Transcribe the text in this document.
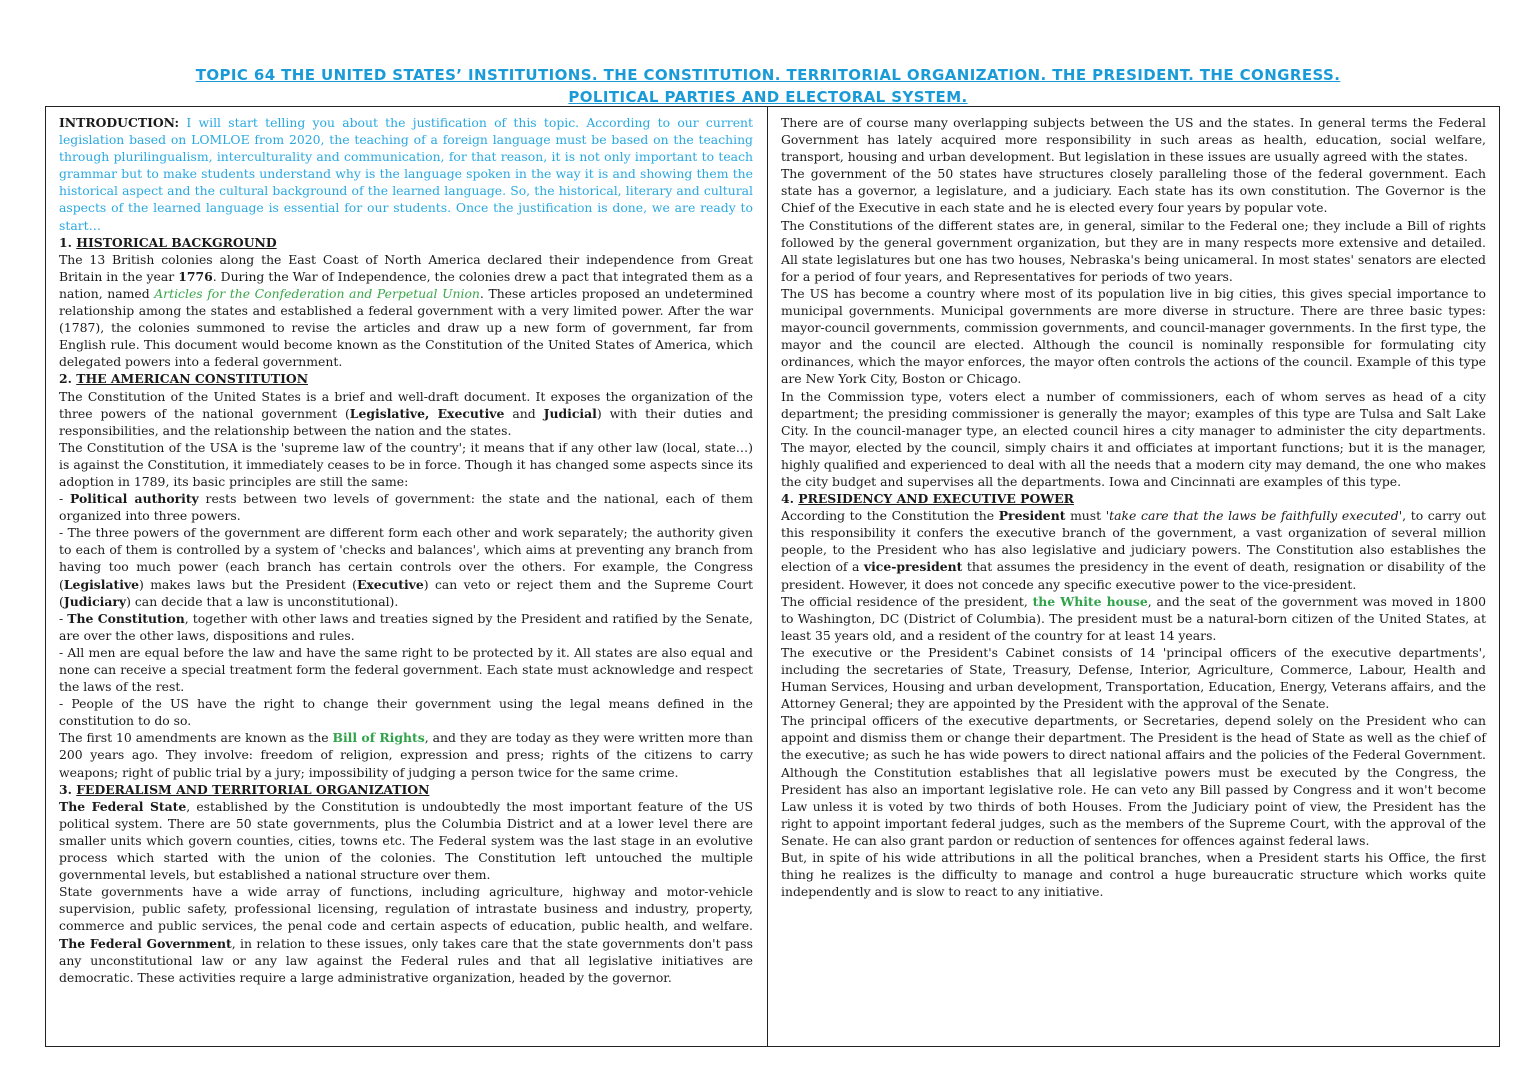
TOPIC 64 THE UNITED STATES’ INSTITUTIONS. THE CONSTITUTION. TERRITORIAL ORGANIZATION. THE PRESIDENT. THE CONGRESS.
POLITICAL PARTIES AND ELECTORAL SYSTEM.

INTRODUCTION: I will start telling you about the justification of this topic. According to our current legislation based on LOMLOE from 2020, the teaching of a foreign language must be based on the teaching through plurilingualism, interculturality and communication, for that reason, it is not only important to teach grammar but to make students understand why is the language spoken in the way it is and showing them the historical aspect and the cultural background of the learned language. So, the historical, literary and cultural aspects of the learned language is essential for our students. Once the justification is done, we are ready to start…

1. HISTORICAL BACKGROUND

The 13 British colonies along the East Coast of North America declared their independence from Great Britain in the year 1776. During the War of Independence, the colonies drew a pact that integrated them as a nation, named Articles for the Confederation and Perpetual Union. These articles proposed an undetermined relationship among the states and established a federal government with a very limited power. After the war (1787), the colonies summoned to revise the articles and draw up a new form of government, far from English rule. This document would become known as the Constitution of the United States of America, which delegated powers into a federal government.

2. THE AMERICAN CONSTITUTION

The Constitution of the United States is a brief and well-draft document. It exposes the organization of the three powers of the national government (Legislative, Executive and Judicial) with their duties and responsibilities, and the relationship between the nation and the states.

The Constitution of the USA is the 'supreme law of the country'; it means that if any other law (local, state…) is against the Constitution, it immediately ceases to be in force. Though it has changed some aspects since its adoption in 1789, its basic principles are still the same:

- Political authority rests between two levels of government: the state and the national, each of them organized into three powers.

- The three powers of the government are different form each other and work separately; the authority given to each of them is controlled by a system of 'checks and balances', which aims at preventing any branch from having too much power (each branch has certain controls over the others. For example, the Congress (Legislative) makes laws but the President (Executive) can veto or reject them and the Supreme Court (Judiciary) can decide that a law is unconstitutional).

- The Constitution, together with other laws and treaties signed by the President and ratified by the Senate, are over the other laws, dispositions and rules.

- All men are equal before the law and have the same right to be protected by it. All states are also equal and none can receive a special treatment form the federal government. Each state must acknowledge and respect the laws of the rest.

- People of the US have the right to change their government using the legal means defined in the constitution to do so.

The first 10 amendments are known as the Bill of Rights, and they are today as they were written more than 200 years ago. They involve: freedom of religion, expression and press; rights of the citizens to carry weapons; right of public trial by a jury; impossibility of judging a person twice for the same crime.

3. FEDERALISM AND TERRITORIAL ORGANIZATION

The Federal State, established by the Constitution is undoubtedly the most important feature of the US political system. There are 50 state governments, plus the Columbia District and at a lower level there are smaller units which govern counties, cities, towns etc. The Federal system was the last stage in an evolutive process which started with the union of the colonies. The Constitution left untouched the multiple governmental levels, but established a national structure over them.

State governments have a wide array of functions, including agriculture, highway and motor-vehicle supervision, public safety, professional licensing, regulation of intrastate business and industry, property, commerce and public services, the penal code and certain aspects of education, public health, and welfare. The Federal Government, in relation to these issues, only takes care that the state governments don't pass any unconstitutional law or any law against the Federal rules and that all legislative initiatives are democratic. These activities require a large administrative organization, headed by the governor.

There are of course many overlapping subjects between the US and the states. In general terms the Federal Government has lately acquired more responsibility in such areas as health, education, social welfare, transport, housing and urban development. But legislation in these issues are usually agreed with the states.

The government of the 50 states have structures closely paralleling those of the federal government. Each state has a governor, a legislature, and a judiciary. Each state has its own constitution. The Governor is the Chief of the Executive in each state and he is elected every four years by popular vote.

The Constitutions of the different states are, in general, similar to the Federal one; they include a Bill of rights followed by the general government organization, but they are in many respects more extensive and detailed. All state legislatures but one has two houses, Nebraska's being unicameral. In most states' senators are elected for a period of four years, and Representatives for periods of two years.

The US has become a country where most of its population live in big cities, this gives special importance to municipal governments. Municipal governments are more diverse in structure. There are three basic types: mayor-council governments, commission governments, and council-manager governments. In the first type, the mayor and the council are elected. Although the council is nominally responsible for formulating city ordinances, which the mayor enforces, the mayor often controls the actions of the council. Example of this type are New York City, Boston or Chicago.

In the Commission type, voters elect a number of commissioners, each of whom serves as head of a city department; the presiding commissioner is generally the mayor; examples of this type are Tulsa and Salt Lake City. In the council-manager type, an elected council hires a city manager to administer the city departments. The mayor, elected by the council, simply chairs it and officiates at important functions; but it is the manager, highly qualified and experienced to deal with all the needs that a modern city may demand, the one who makes the city budget and supervises all the departments. Iowa and Cincinnati are examples of this type.

4. PRESIDENCY AND EXECUTIVE POWER

According to the Constitution the President must 'take care that the laws be faithfully executed', to carry out this responsibility it confers the executive branch of the government, a vast organization of several million people, to the President who has also legislative and judiciary powers. The Constitution also establishes the election of a vice-president that assumes the presidency in the event of death, resignation or disability of the president. However, it does not concede any specific executive power to the vice-president.

The official residence of the president, the White house, and the seat of the government was moved in 1800 to Washington, DC (District of Columbia). The president must be a natural-born citizen of the United States, at least 35 years old, and a resident of the country for at least 14 years.

The executive or the President's Cabinet consists of 14 'principal officers of the executive departments', including the secretaries of State, Treasury, Defense, Interior, Agriculture, Commerce, Labour, Health and Human Services, Housing and urban development, Transportation, Education, Energy, Veterans affairs, and the Attorney General; they are appointed by the President with the approval of the Senate.

The principal officers of the executive departments, or Secretaries, depend solely on the President who can appoint and dismiss them or change their department. The President is the head of State as well as the chief of the executive; as such he has wide powers to direct national affairs and the policies of the Federal Government. Although the Constitution establishes that all legislative powers must be executed by the Congress, the President has also an important legislative role. He can veto any Bill passed by Congress and it won't become Law unless it is voted by two thirds of both Houses. From the Judiciary point of view, the President has the right to appoint important federal judges, such as the members of the Supreme Court, with the approval of the Senate. He can also grant pardon or reduction of sentences for offences against federal laws.

But, in spite of his wide attributions in all the political branches, when a President starts his Office, the first thing he realizes is the difficulty to manage and control a huge bureaucratic structure which works quite independently and is slow to react to any initiative.
